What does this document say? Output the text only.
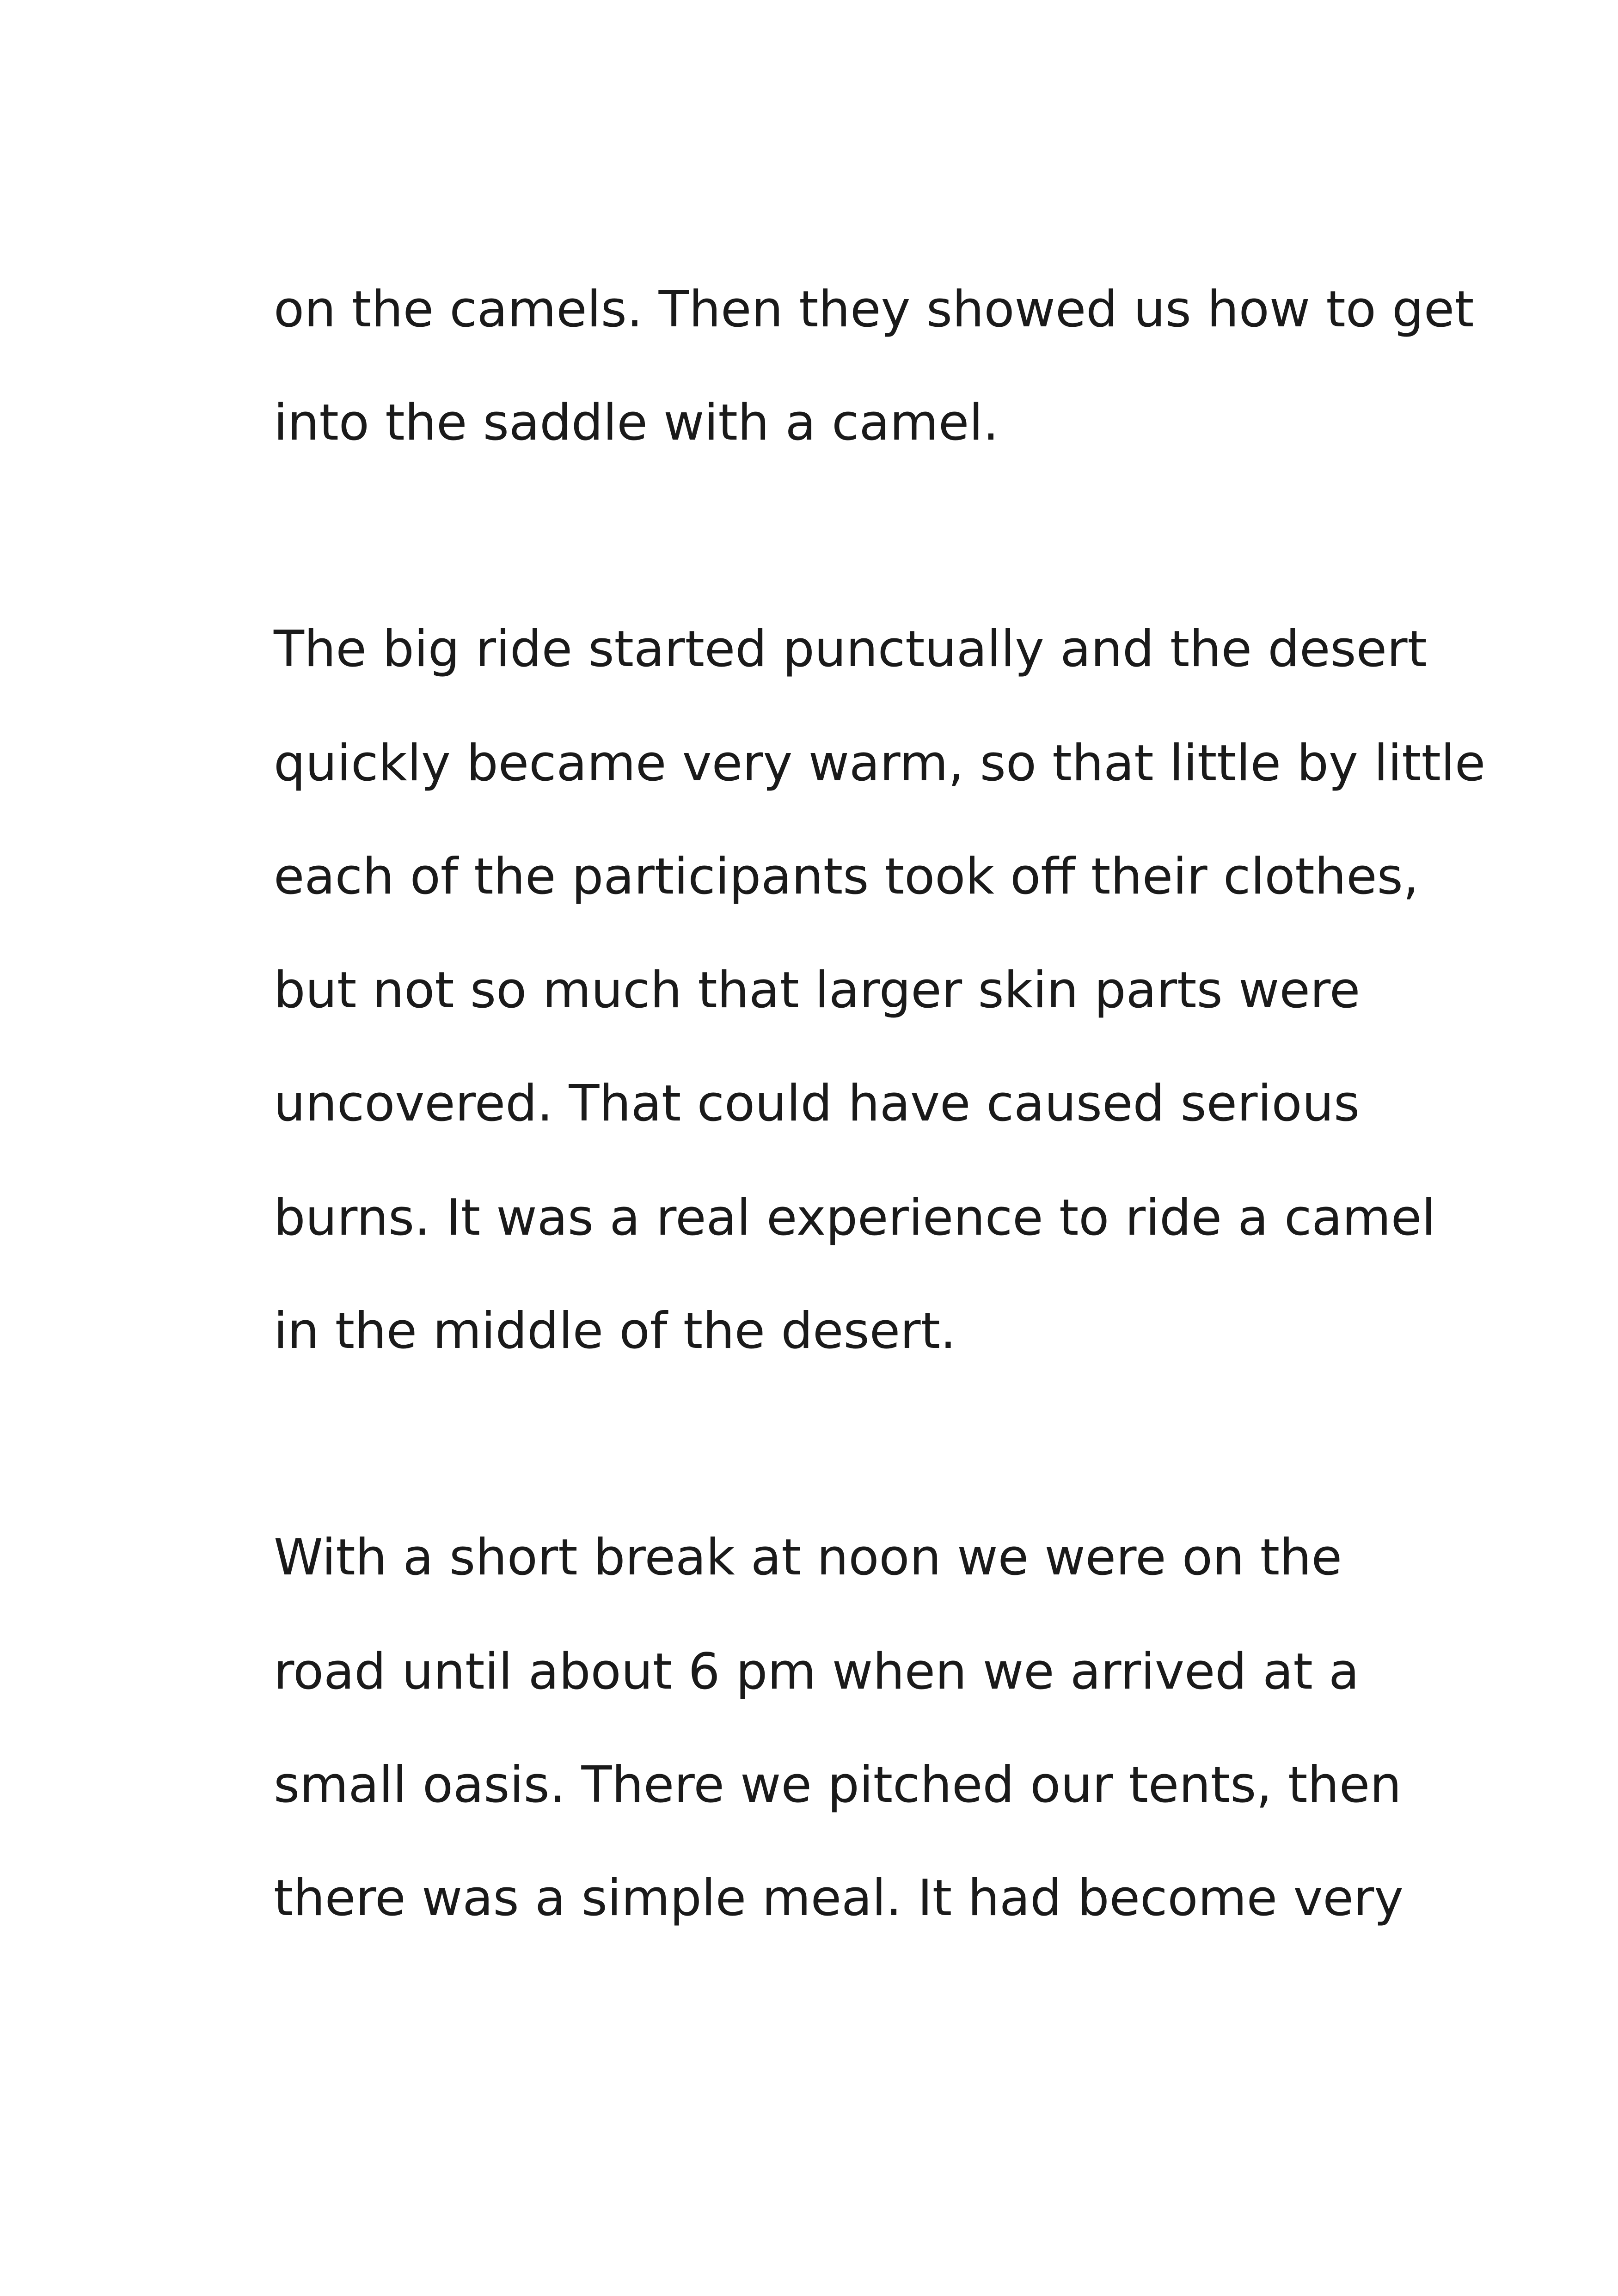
on the camels. Then they showed us how to get
into the saddle with a camel.
The big ride started punctually and the desert
quickly became very warm, so that little by little
each of the participants took off their clothes,
but not so much that larger skin parts were
uncovered. That could have caused serious
burns. It was a real experience to ride a camel
in the middle of the desert.
With a short break at noon we were on the
road until about 6 pm when we arrived at a
small oasis. There we pitched our tents, then
there was a simple meal. It had become very
